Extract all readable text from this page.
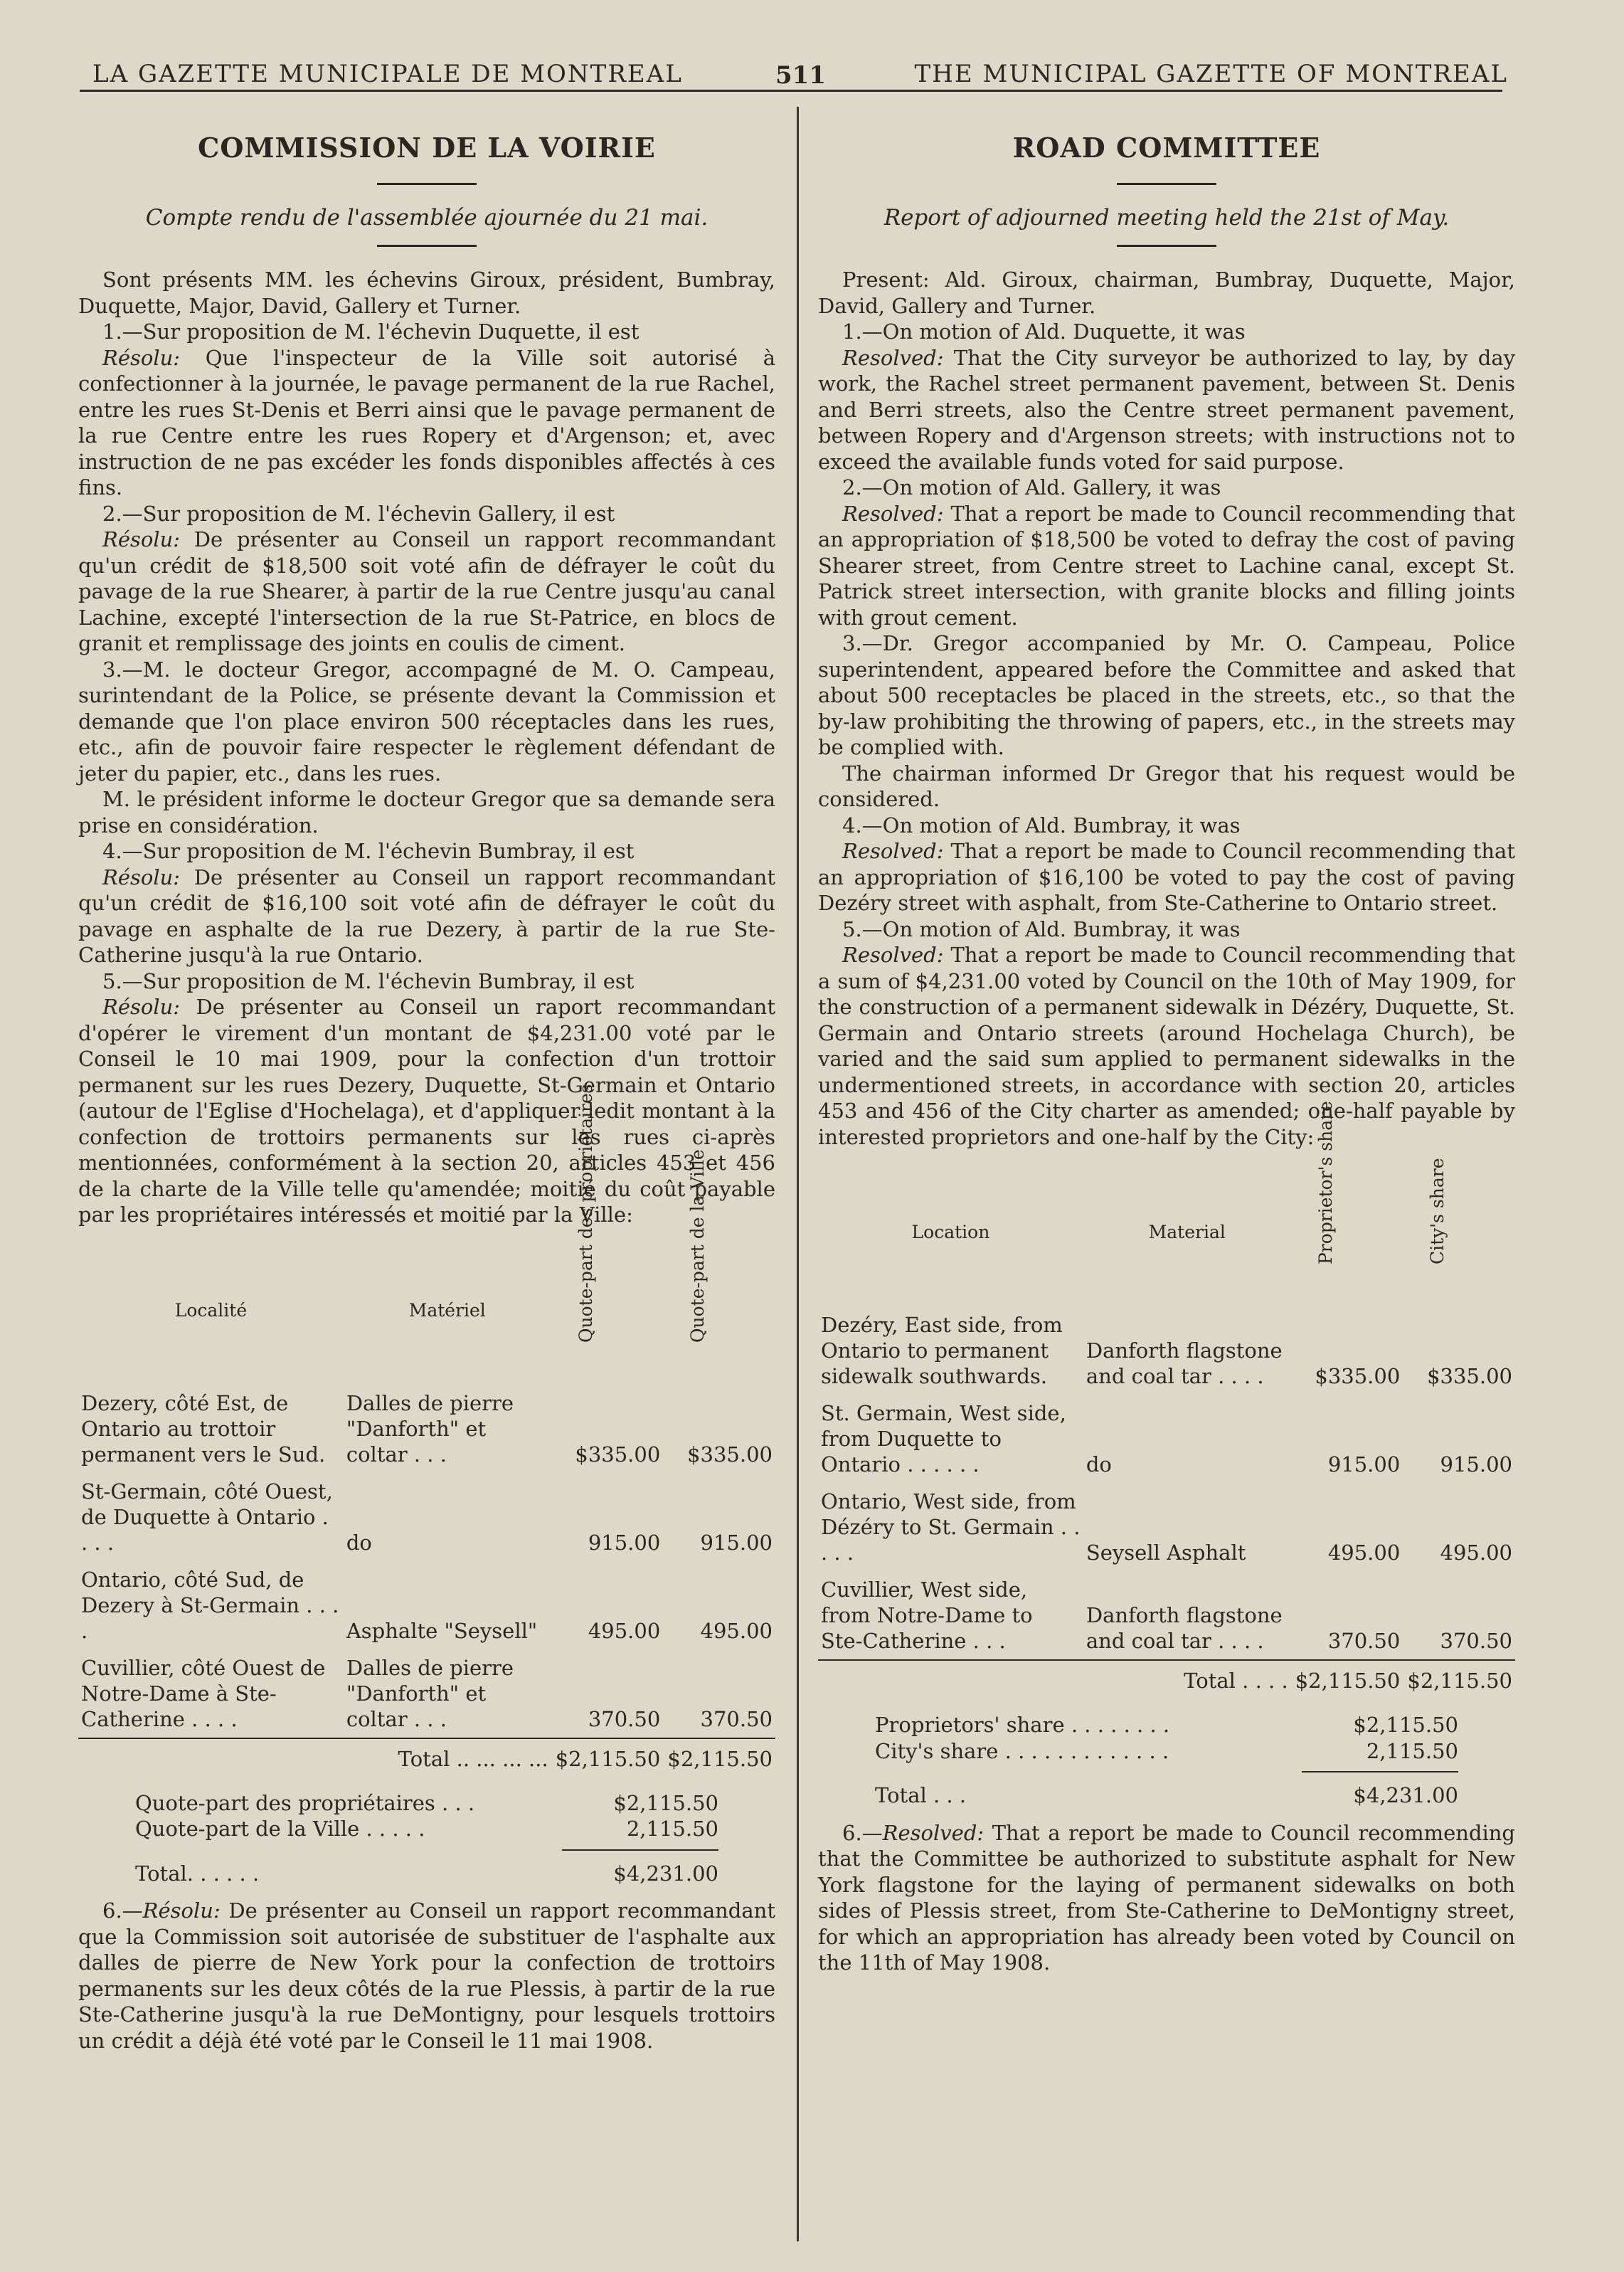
LA GAZETTE MUNICIPALE DE MONTREAL	511	THE MUNICIPAL GAZETTE OF MONTREAL
COMMISSION DE LA VOIRIE
Compte rendu de l'assemblée ajournée du 21 mai.

Sont présents MM. les échevins Giroux, président, Bumbray, Duquette, Major, David, Gallery et Turner.

1.—Sur proposition de M. l'échevin Duquette, il est

Résolu: Que l'inspecteur de la Ville soit autorisé à confectionner à la journée, le pavage permanent de la rue Rachel, entre les rues St-Denis et Berri ainsi que le pavage permanent de la rue Centre entre les rues Ropery et d'Argenson; et, avec instruction de ne pas excéder les fonds disponibles affectés à ces fins.

2.—Sur proposition de M. l'échevin Gallery, il est

Résolu: De présenter au Conseil un rapport recommandant qu'un crédit de $18,500 soit voté afin de défrayer le coût du pavage de la rue Shearer, à partir de la rue Centre jusqu'au canal Lachine, excepté l'intersection de la rue St-Patrice, en blocs de granit et remplissage des joints en coulis de ciment.

3.—M. le docteur Gregor, accompagné de M. O. Campeau, surintendant de la Police, se présente devant la Commission et demande que l'on place environ 500 réceptacles dans les rues, etc., afin de pouvoir faire respecter le règlement défendant de jeter du papier, etc., dans les rues.

M. le président informe le docteur Gregor que sa demande sera prise en considération.

4.—Sur proposition de M. l'échevin Bumbray, il est

Résolu: De présenter au Conseil un rapport recommandant qu'un crédit de $16,100 soit voté afin de défrayer le coût du pavage en asphalte de la rue Dezery, à partir de la rue Ste-Catherine jusqu'à la rue Ontario.

5.—Sur proposition de M. l'échevin Bumbray, il est

Résolu: De présenter au Conseil un raport recommandant d'opérer le virement d'un montant de $4,231.00 voté par le Conseil le 10 mai 1909, pour la confection d'un trottoir permanent sur les rues Dezery, Duquette, St-Germain et Ontario (autour de l'Eglise d'Hochelaga), et d'appliquer ledit montant à la confection de trottoirs permanents sur les rues ci-après mentionnées, conformément à la section 20, articles 453 et 456 de la charte de la Ville telle qu'amendée; moitié du coût payable par les propriétaires intéressés et moitié par la Ville:

Localité	Matériel	Quote-part des propriétaires	Quote-part de la Ville

Dezery, côté Est, de Ontario au trottoir permanent vers le Sud.	Dalles de pierre "Danforth" et coltar . . .	$335.00	$335.00
St-Germain, côté Ouest, de Duquette à Ontario . . . .	do	915.00	915.00
Ontario, côté Sud, de Dezery à St-Germain . . . .	Asphalte "Seysell"	495.00	495.00
Cuvillier, côté Ouest de Notre-Dame à Ste-Catherine . . . .	Dalles de pierre "Danforth" et coltar . . .	370.50	370.50
	Total .. ... ... ...	$2,115.50	$2,115.50
Quote-part des propriétaires . . .	$2,115.50
Quote-part de la Ville . . . . .	2,115.50
Total. . . . . .	$4,231.00

6.—Résolu: De présenter au Conseil un rapport recommandant que la Commission soit autorisée de substituer de l'asphalte aux dalles de pierre de New York pour la confection de trottoirs permanents sur les deux côtés de la rue Plessis, à partir de la rue Ste-Catherine jusqu'à la rue DeMontigny, pour lesquels trottoirs un crédit a déjà été voté par le Conseil le 11 mai 1908.

ROAD COMMITTEE
Report of adjourned meeting held the 21st of May.

Present: Ald. Giroux, chairman, Bumbray, Duquette, Major, David, Gallery and Turner.

1.—On motion of Ald. Duquette, it was

Resolved: That the City surveyor be authorized to lay, by day work, the Rachel street permanent pavement, between St. Denis and Berri streets, also the Centre street permanent pavement, between Ropery and d'Argenson streets; with instructions not to exceed the available funds voted for said purpose.

2.—On motion of Ald. Gallery, it was

Resolved: That a report be made to Council recommending that an appropriation of $18,500 be voted to defray the cost of paving Shearer street, from Centre street to Lachine canal, except St. Patrick street intersection, with granite blocks and filling joints with grout cement.

3.—Dr. Gregor accompanied by Mr. O. Campeau, Police superintendent, appeared before the Committee and asked that about 500 receptacles be placed in the streets, etc., so that the by-law prohibiting the throwing of papers, etc., in the streets may be complied with.

The chairman informed Dr Gregor that his request would be considered.

4.—On motion of Ald. Bumbray, it was

Resolved: That a report be made to Council recommending that an appropriation of $16,100 be voted to pay the cost of paving Dezéry street with asphalt, from Ste-Catherine to Ontario street.

5.—On motion of Ald. Bumbray, it was

Resolved: That a report be made to Council recommending that a sum of $4,231.00 voted by Council on the 10th of May 1909, for the construction of a permanent sidewalk in Dézéry, Duquette, St. Germain and Ontario streets (around Hochelaga Church), be varied and the said sum applied to permanent sidewalks in the undermentioned streets, in accordance with section 20, articles 453 and 456 of the City charter as amended; one-half payable by interested proprietors and one-half by the City:

Location	Material	Proprietor's share	City's share

Dezéry, East side, from Ontario to permanent sidewalk southwards.	Danforth flagstone and coal tar . . . .	$335.00	$335.00
St. Germain, West side, from Duquette to Ontario . . . . . .	do	915.00	915.00
Ontario, West side, from Dézéry to St. Germain . . . . .	Seysell Asphalt	495.00	495.00
Cuvillier, West side, from Notre-Dame to Ste-Catherine . . .	Danforth flagstone and coal tar . . . .	370.50	370.50
	Total . . . .	$2,115.50	$2,115.50
Proprietors' share . . . . . . . .	$2,115.50
City's share . . . . . . . . . . . . .	2,115.50
Total . . .	$4,231.00

6.—Resolved: That a report be made to Council recommending that the Committee be authorized to substitute asphalt for New York flagstone for the laying of permanent sidewalks on both sides of Plessis street, from Ste-Catherine to DeMontigny street, for which an appropriation has already been voted by Council on the 11th of May 1908.
